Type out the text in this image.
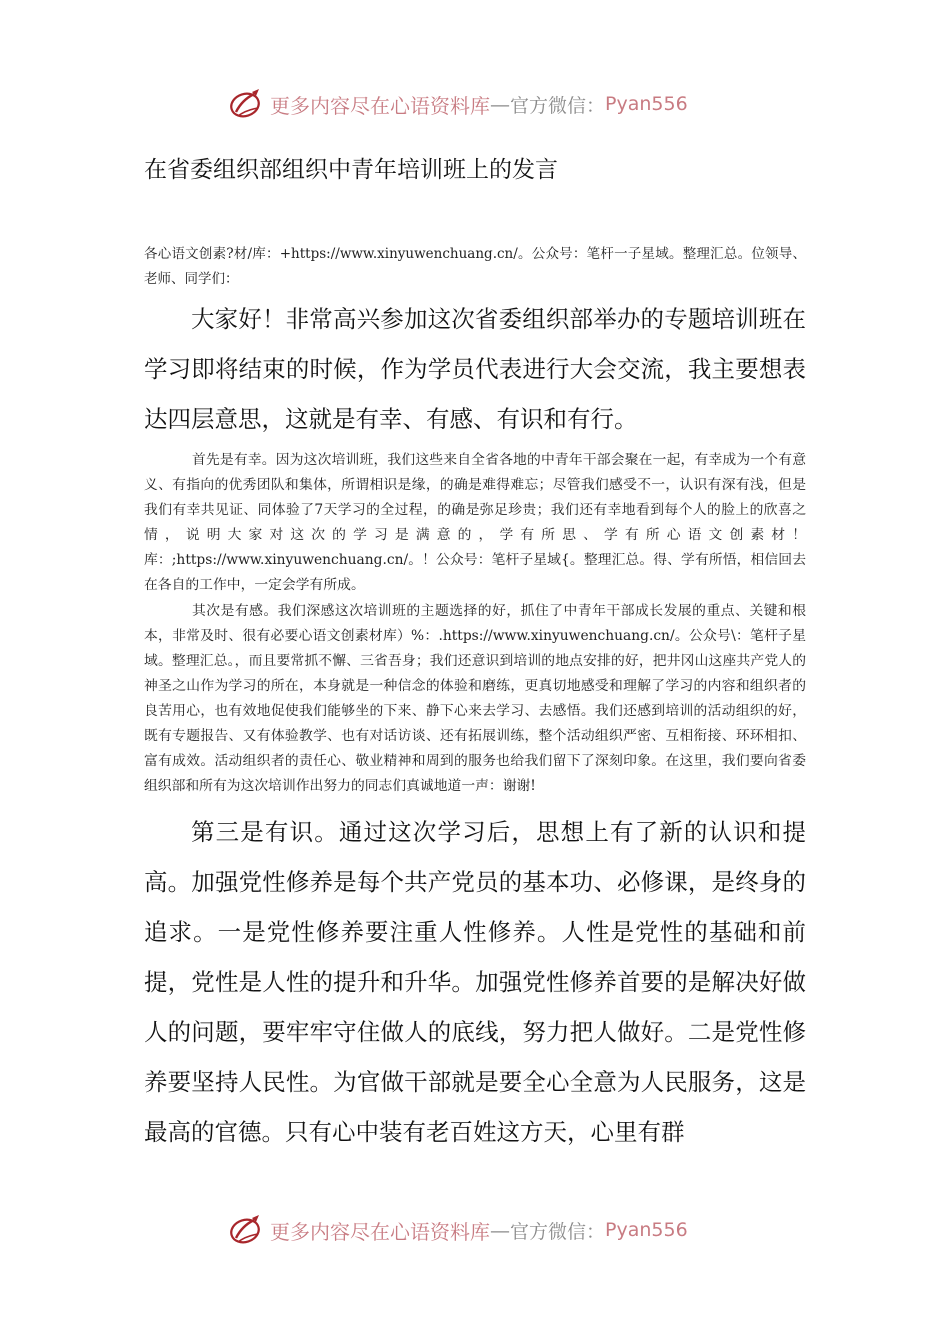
更多内容尽在心语资料库 — 官方微信： Pyan556
在省委组织部组织中青年培训班上的发言
各心语文创素?材/库：+https://www.xinyuwenchuang.cn/。公众号：笔杆一子星域。整理汇总。位领导、老师、同学们：

大家好！非常高兴参加这次省委组织部举办的专题培训班在学习即将结束的时候，作为学员代表进行大会交流，我主要想表达四层意思，这就是有幸、有感、有识和有行。

首先是有幸。因为这次培训班，我们这些来自全省各地的中青年干部会聚在一起，有幸成为一个有意义、有指向的优秀团队和集体，所谓相识是缘，的确是难得难忘；尽管我们感受不一，认识有深有浅，但是我们有幸共见证、同体验了7天学习的全过程，的确是弥足珍贵；我们还有幸地看到每个人的脸上的欣喜之情，说明大家对这次的学习是满意的，学有所思、学有所心语文创素材！库：;https://www.xinyuwenchuang.cn/。！公众号：笔杆子星域{。整理汇总。得、学有所悟，相信回去在各自的工作中，一定会学有所成。

其次是有感。我们深感这次培训班的主题选择的好，抓住了中青年干部成长发展的重点、关键和根本，非常及时、很有必要心语文创素材库）%：.https://www.xinyuwenchuang.cn/。公众号\：笔杆子星域。整理汇总。，而且要常抓不懈、三省吾身；我们还意识到培训的地点安排的好，把井冈山这座共产党人的神圣之山作为学习的所在，本身就是一种信念的体验和磨练，更真切地感受和理解了学习的内容和组织者的良苦用心，也有效地促使我们能够坐的下来、静下心来去学习、去感悟。我们还感到培训的活动组织的好，既有专题报告、又有体验教学、也有对话访谈、还有拓展训练，整个活动组织严密、互相衔接、环环相扣、富有成效。活动组织者的责任心、敬业精神和周到的服务也给我们留下了深刻印象。在这里，我们要向省委组织部和所有为这次培训作出努力的同志们真诚地道一声：谢谢!

第三是有识。通过这次学习后，思想上有了新的认识和提高。加强党性修养是每个共产党员的基本功、必修课，是终身的追求。一是党性修养要注重人性修养。人性是党性的基础和前提，党性是人性的提升和升华。加强党性修养首要的是解决好做人的问题，要牢牢守住做人的底线，努力把人做好。二是党性修养要坚持人民性。为官做干部就是要全心全意为人民服务，这是最高的官德。只有心中装有老百姓这方天，心里有群

更多内容尽在心语资料库 — 官方微信： Pyan556
